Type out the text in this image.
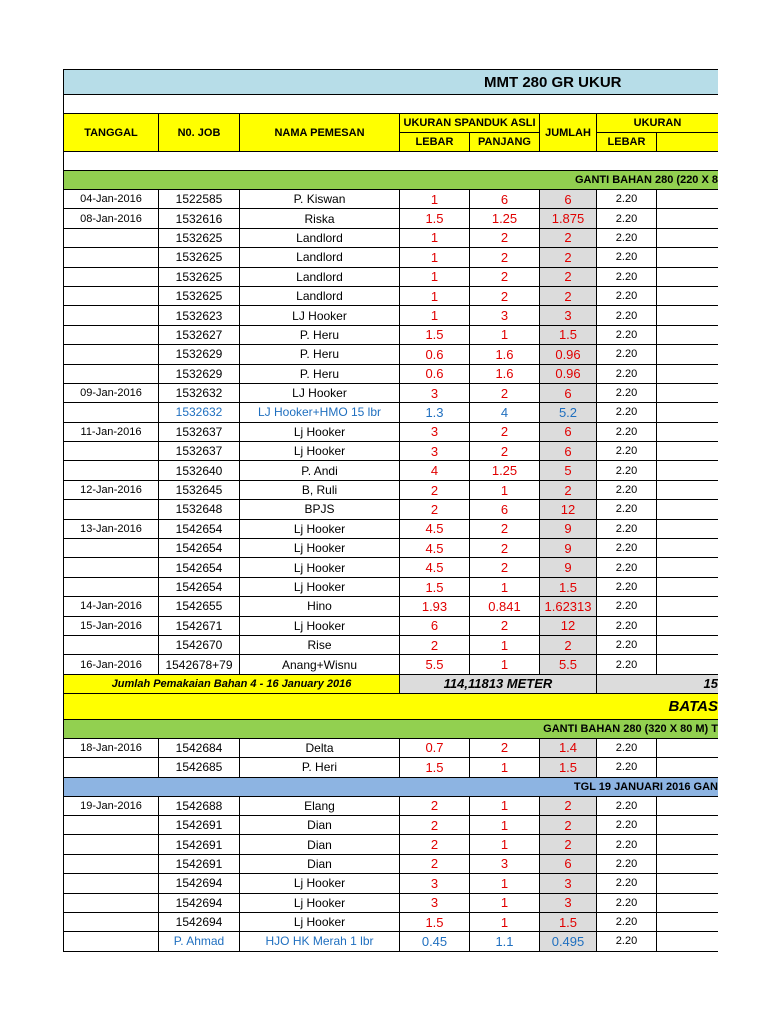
MMT 280 GR UKUR
TANGGAL	N0. JOB	NAMA PEMESAN
UKURAN SPANDUK ASLI
LEBAR	PANJANG
JUMLAH
UKURAN
LEBAR
GANTI BAHAN 280 (220 X 8
04-Jan-2016	1522585	P. Kiswan	1	6	6	2.20
08-Jan-2016	1532616	Riska	1.5	1.25	1.875	2.20
1532625	Landlord	1	2	2	2.20
1532625	Landlord	1	2	2	2.20
1532625	Landlord	1	2	2	2.20
1532625	Landlord	1	2	2	2.20
1532623	LJ Hooker	1	3	3	2.20
1532627	P. Heru	1.5	1	1.5	2.20
1532629	P. Heru	0.6	1.6	0.96	2.20
1532629	P. Heru	0.6	1.6	0.96	2.20
09-Jan-2016	1532632	LJ Hooker	3	2	6	2.20
1532632	LJ Hooker+HMO 15 lbr	1.3	4	5.2	2.20
11-Jan-2016	1532637	Lj Hooker	3	2	6	2.20
1532637	Lj Hooker	3	2	6	2.20
1532640	P. Andi	4	1.25	5	2.20
12-Jan-2016	1532645	B, Ruli	2	1	2	2.20
1532648	BPJS	2	6	12	2.20
13-Jan-2016	1542654	Lj Hooker	4.5	2	9	2.20
1542654	Lj Hooker	4.5	2	9	2.20
1542654	Lj Hooker	4.5	2	9	2.20
1542654	Lj Hooker	1.5	1	1.5	2.20
14-Jan-2016	1542655	Hino	1.93	0.841	1.62313	2.20
15-Jan-2016	1542671	Lj Hooker	6	2	12	2.20
1542670	Rise	2	1	2	2.20
16-Jan-2016	1542678+79	Anang+Wisnu	5.5	1	5.5	2.20
Jumlah Pemakaian Bahan 4 - 16 January 2016	114,11813 METER	15
BATAS
GANTI BAHAN 280 (320 X 80 M) T
18-Jan-2016	1542684	Delta	0.7	2	1.4	2.20
1542685	P. Heri	1.5	1	1.5	2.20
TGL 19 JANUARI 2016 GAN
19-Jan-2016	1542688	Elang	2	1	2	2.20
1542691	Dian	2	1	2	2.20
1542691	Dian	2	1	2	2.20
1542691	Dian	2	3	6	2.20
1542694	Lj Hooker	3	1	3	2.20
1542694	Lj Hooker	3	1	3	2.20
1542694	Lj Hooker	1.5	1	1.5	2.20
P. Ahmad	HJO HK Merah 1 lbr	0.45	1.1	0.495	2.20
